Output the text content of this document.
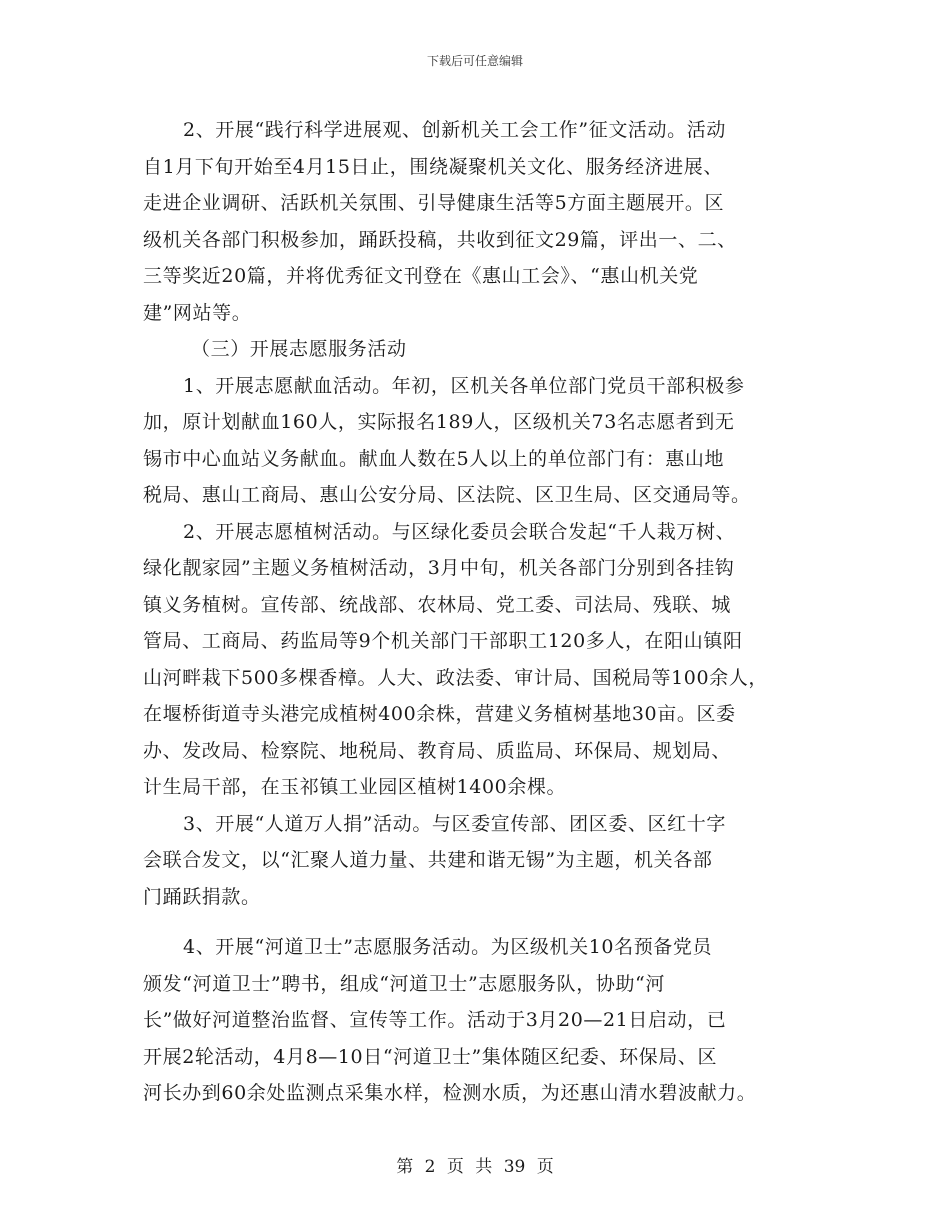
下载后可任意编辑
2、开展“践行科学进展观、创新机关工会工作”征文活动。活动
自1月下旬开始至4月15日止，围绕凝聚机关文化、服务经济进展、
走进企业调研、活跃机关氛围、引导健康生活等5方面主题展开。区
级机关各部门积极参加，踊跃投稿，共收到征文29篇，评出一、二、
三等奖近20篇，并将优秀征文刊登在《惠山工会》、“惠山机关党
建”网站等。
（三）开展志愿服务活动
1、开展志愿献血活动。年初，区机关各单位部门党员干部积极参
加，原计划献血160人，实际报名189人，区级机关73名志愿者到无
锡市中心血站义务献血。献血人数在5人以上的单位部门有：惠山地
税局、惠山工商局、惠山公安分局、区法院、区卫生局、区交通局等。
2、开展志愿植树活动。与区绿化委员会联合发起“千人栽万树、
绿化靓家园”主题义务植树活动，3月中旬，机关各部门分别到各挂钩
镇义务植树。宣传部、统战部、农林局、党工委、司法局、残联、城
管局、工商局、药监局等9个机关部门干部职工120多人，在阳山镇阳
山河畔栽下500多棵香樟。人大、政法委、审计局、国税局等100余人，
在堰桥街道寺头港完成植树400余株，营建义务植树基地30亩。区委
办、发改局、检察院、地税局、教育局、质监局、环保局、规划局、
计生局干部，在玉祁镇工业园区植树1400余棵。
3、开展“人道万人捐”活动。与区委宣传部、团区委、区红十字
会联合发文，以“汇聚人道力量、共建和谐无锡”为主题，机关各部
门踊跃捐款。
4、开展“河道卫士”志愿服务活动。为区级机关10名预备党员
颁发“河道卫士”聘书，组成“河道卫士”志愿服务队，协助“河
长”做好河道整治监督、宣传等工作。活动于3月20—21日启动，已
开展2轮活动，4月8—10日“河道卫士”集体随区纪委、环保局、区
河长办到60余处监测点采集水样，检测水质，为还惠山清水碧波献力。
第 2 页 共 39 页
